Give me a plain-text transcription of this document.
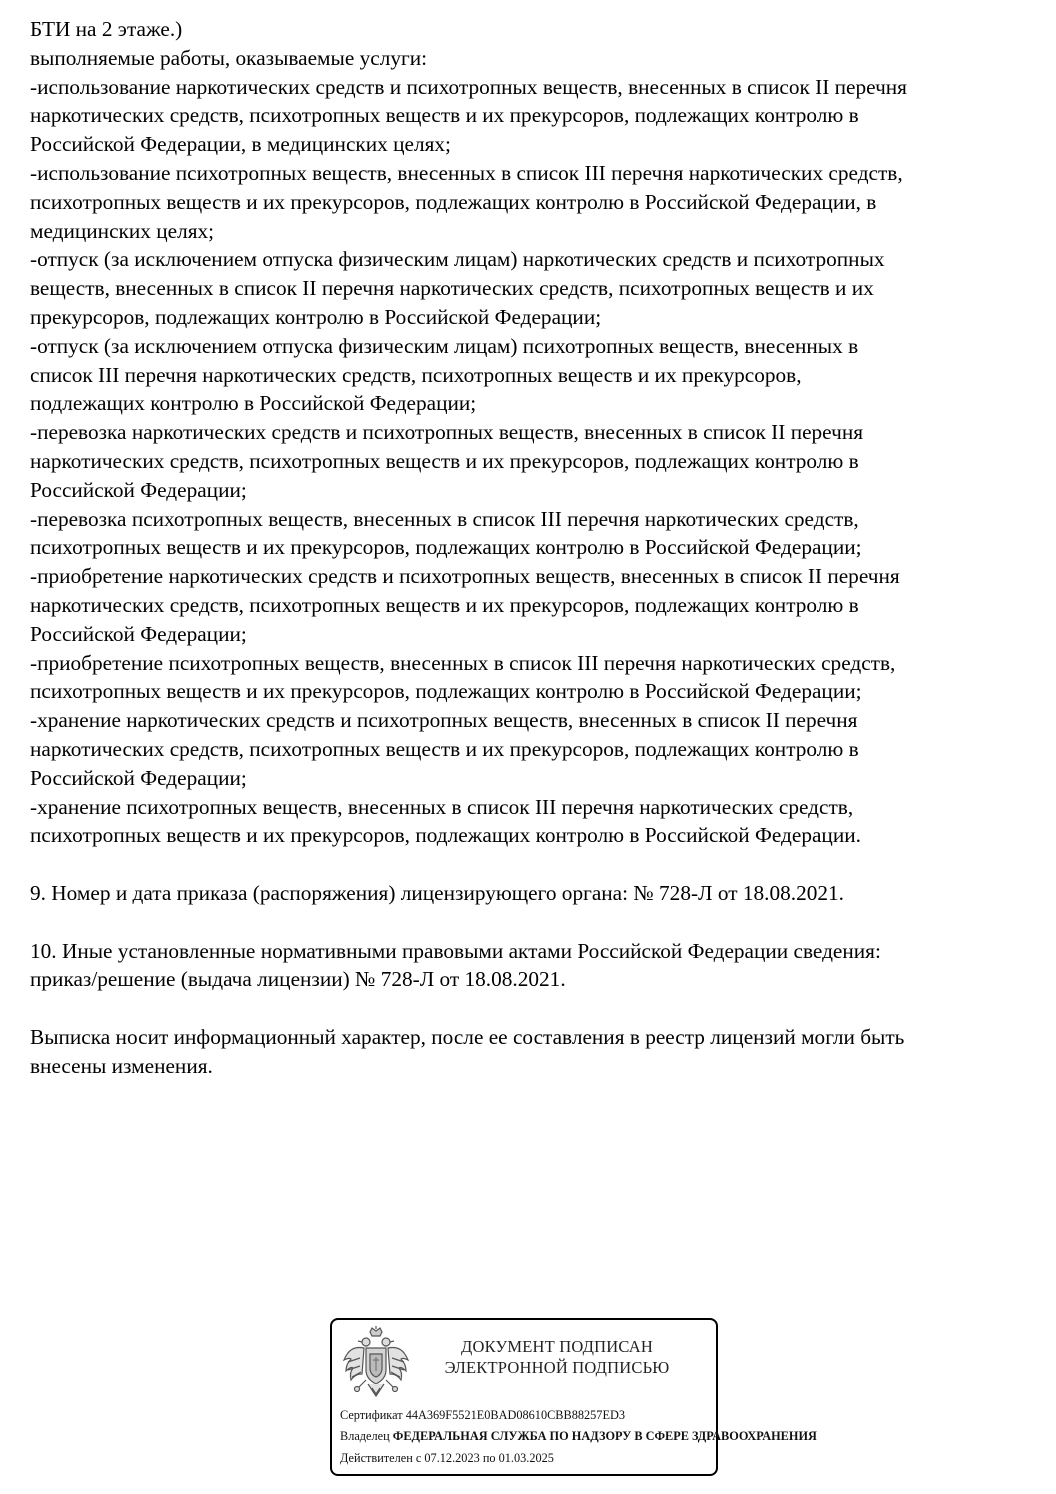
БТИ на 2 этаже.)
выполняемые работы, оказываемые услуги:
-использование наркотических средств и психотропных веществ, внесенных в список II перечня
наркотических средств, психотропных веществ и их прекурсоров, подлежащих контролю в
Российской Федерации, в медицинских целях;
-использование психотропных веществ, внесенных в список III перечня наркотических средств,
психотропных веществ и их прекурсоров, подлежащих контролю в Российской Федерации, в
медицинских целях;
-отпуск (за исключением отпуска физическим лицам) наркотических средств и психотропных
веществ, внесенных в список II перечня наркотических средств, психотропных веществ и их
прекурсоров, подлежащих контролю в Российской Федерации;
-отпуск (за исключением отпуска физическим лицам) психотропных веществ, внесенных в
список III перечня наркотических средств, психотропных веществ и их прекурсоров,
подлежащих контролю в Российской Федерации;
-перевозка наркотических средств и психотропных веществ, внесенных в список II перечня
наркотических средств, психотропных веществ и их прекурсоров, подлежащих контролю в
Российской Федерации;
-перевозка психотропных веществ, внесенных в список III перечня наркотических средств,
психотропных веществ и их прекурсоров, подлежащих контролю в Российской Федерации;
-приобретение наркотических средств и психотропных веществ, внесенных в список II перечня
наркотических средств, психотропных веществ и их прекурсоров, подлежащих контролю в
Российской Федерации;
-приобретение психотропных веществ, внесенных в список III перечня наркотических средств,
психотропных веществ и их прекурсоров, подлежащих контролю в Российской Федерации;
-хранение наркотических средств и психотропных веществ, внесенных в список II перечня
наркотических средств, психотропных веществ и их прекурсоров, подлежащих контролю в
Российской Федерации;
-хранение психотропных веществ, внесенных в список III перечня наркотических средств,
психотропных веществ и их прекурсоров, подлежащих контролю в Российской Федерации.
9. Номер и дата приказа (распоряжения) лицензирующего органа: № 728-Л от 18.08.2021.
10. Иные установленные нормативными правовыми актами Российской Федерации сведения:
приказ/решение (выдача лицензии) № 728-Л от 18.08.2021.
Выписка носит информационный характер, после ее составления в реестр лицензий могли быть
внесены изменения.
ДОКУМЕНТ ПОДПИСАН
ЭЛЕКТРОННОЙ ПОДПИСЬЮ
Сертификат 44A369F5521E0BAD08610CBB88257ED3
Владелец ФЕДЕРАЛЬНАЯ СЛУЖБА ПО НАДЗОРУ В СФЕРЕ ЗДРАВООХРАНЕНИЯ
Действителен с 07.12.2023 по 01.03.2025
